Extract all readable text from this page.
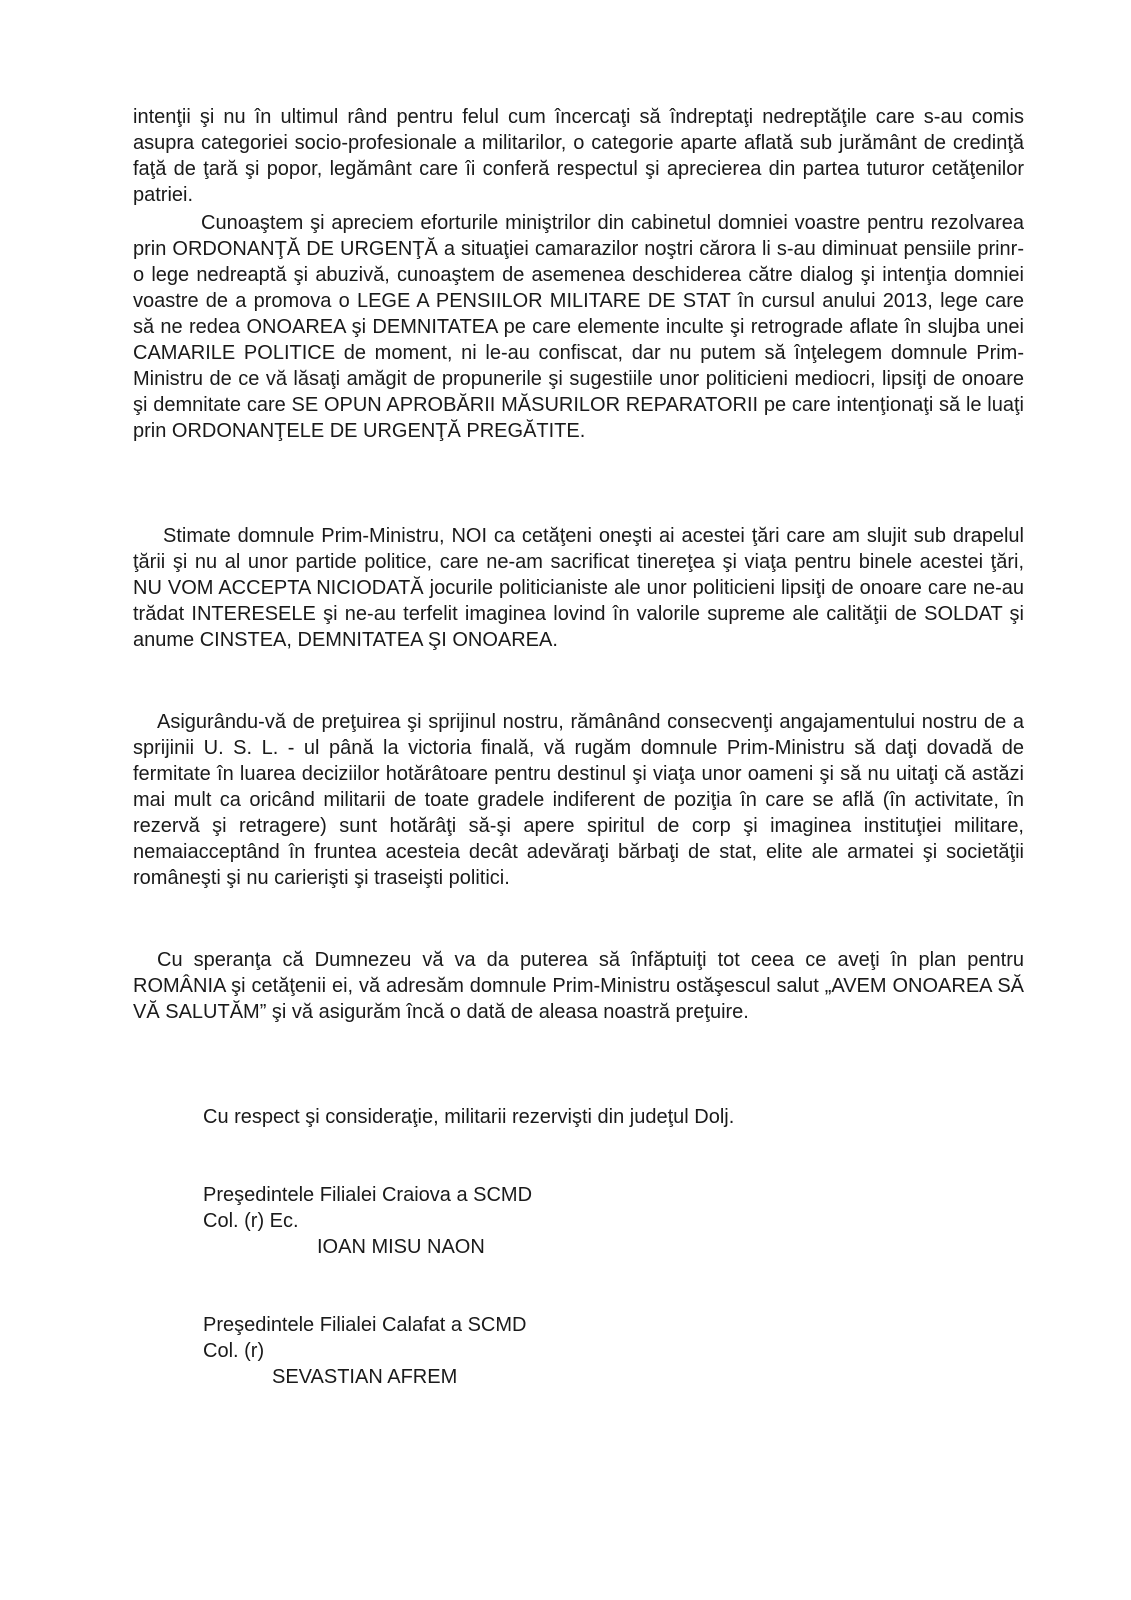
intenţii şi nu în ultimul rând pentru felul cum încercaţi să îndreptaţi nedreptăţile care s-au comis asupra categoriei socio-profesionale a militarilor, o categorie aparte aflată sub jurământ de credinţă faţă de ţară şi popor, legământ care îi conferă respectul şi aprecierea din partea tuturor cetăţenilor patriei.

Cunoaştem şi apreciem eforturile miniştrilor din cabinetul domniei voastre pentru rezolvarea prin ORDONANŢĂ DE URGENŢĂ a situaţiei camarazilor noştri cărora li s-au diminuat pensiile prinr-o lege nedreaptă şi abuzivă, cunoaştem de asemenea deschiderea către dialog şi intenţia domniei voastre de a promova o LEGE A PENSIILOR MILITARE DE STAT în cursul anului 2013, lege care să ne redea ONOAREA şi DEMNITATEA pe care elemente inculte şi retrograde aflate în slujba unei CAMARILE POLITICE de moment, ni le-au confiscat, dar nu putem să înţelegem domnule Prim-Ministru de ce vă lăsaţi amăgit de propunerile şi sugestiile unor politicieni mediocri, lipsiţi de onoare şi demnitate care SE OPUN APROBĂRII MĂSURILOR REPARATORII pe care intenţionaţi să le luaţi prin ORDONANŢELE DE URGENŢĂ PREGĂTITE.

Stimate domnule Prim-Ministru, NOI ca cetăţeni oneşti ai acestei ţări care am slujit sub drapelul ţării şi nu al unor partide politice, care ne-am sacrificat tinereţea şi viaţa pentru binele acestei ţări, NU VOM ACCEPTA NICIODATĂ jocurile politicianiste ale unor politicieni lipsiţi de onoare care ne-au trădat INTERESELE şi ne-au terfelit imaginea lovind în valorile supreme ale calităţii de SOLDAT şi anume CINSTEA, DEMNITATEA ŞI ONOAREA.

Asigurându-vă de preţuirea şi sprijinul nostru, rămânând consecvenţi angajamentului nostru de a sprijinii U. S. L. - ul până la victoria finală, vă rugăm domnule Prim-Ministru să daţi dovadă de fermitate în luarea deciziilor hotărâtoare pentru destinul şi viaţa unor oameni şi să nu uitaţi că astăzi mai mult ca oricând militarii de toate gradele indiferent de poziţia în care se află (în activitate, în rezervă şi retragere) sunt hotărâţi să-şi apere spiritul de corp şi imaginea instituţiei militare, nemaiacceptând în fruntea acesteia decât adevăraţi bărbaţi de stat, elite ale armatei şi societăţii româneşti şi nu carierişti şi traseişti politici.

Cu speranţa că Dumnezeu vă va da puterea să înfăptuiţi tot ceea ce aveţi în plan pentru ROMÂNIA şi cetăţenii ei, vă adresăm domnule Prim-Ministru ostăşescul salut „AVEM ONOAREA SĂ VĂ SALUTĂM” şi vă asigurăm încă o dată de aleasa noastră preţuire.

Cu respect şi consideraţie, militarii rezervişti din judeţul Dolj.

Preşedintele Filialei Craiova a SCMD

Col. (r) Ec.

IOAN MISU NAON

Preşedintele Filialei Calafat a SCMD

Col. (r)

SEVASTIAN AFREM
